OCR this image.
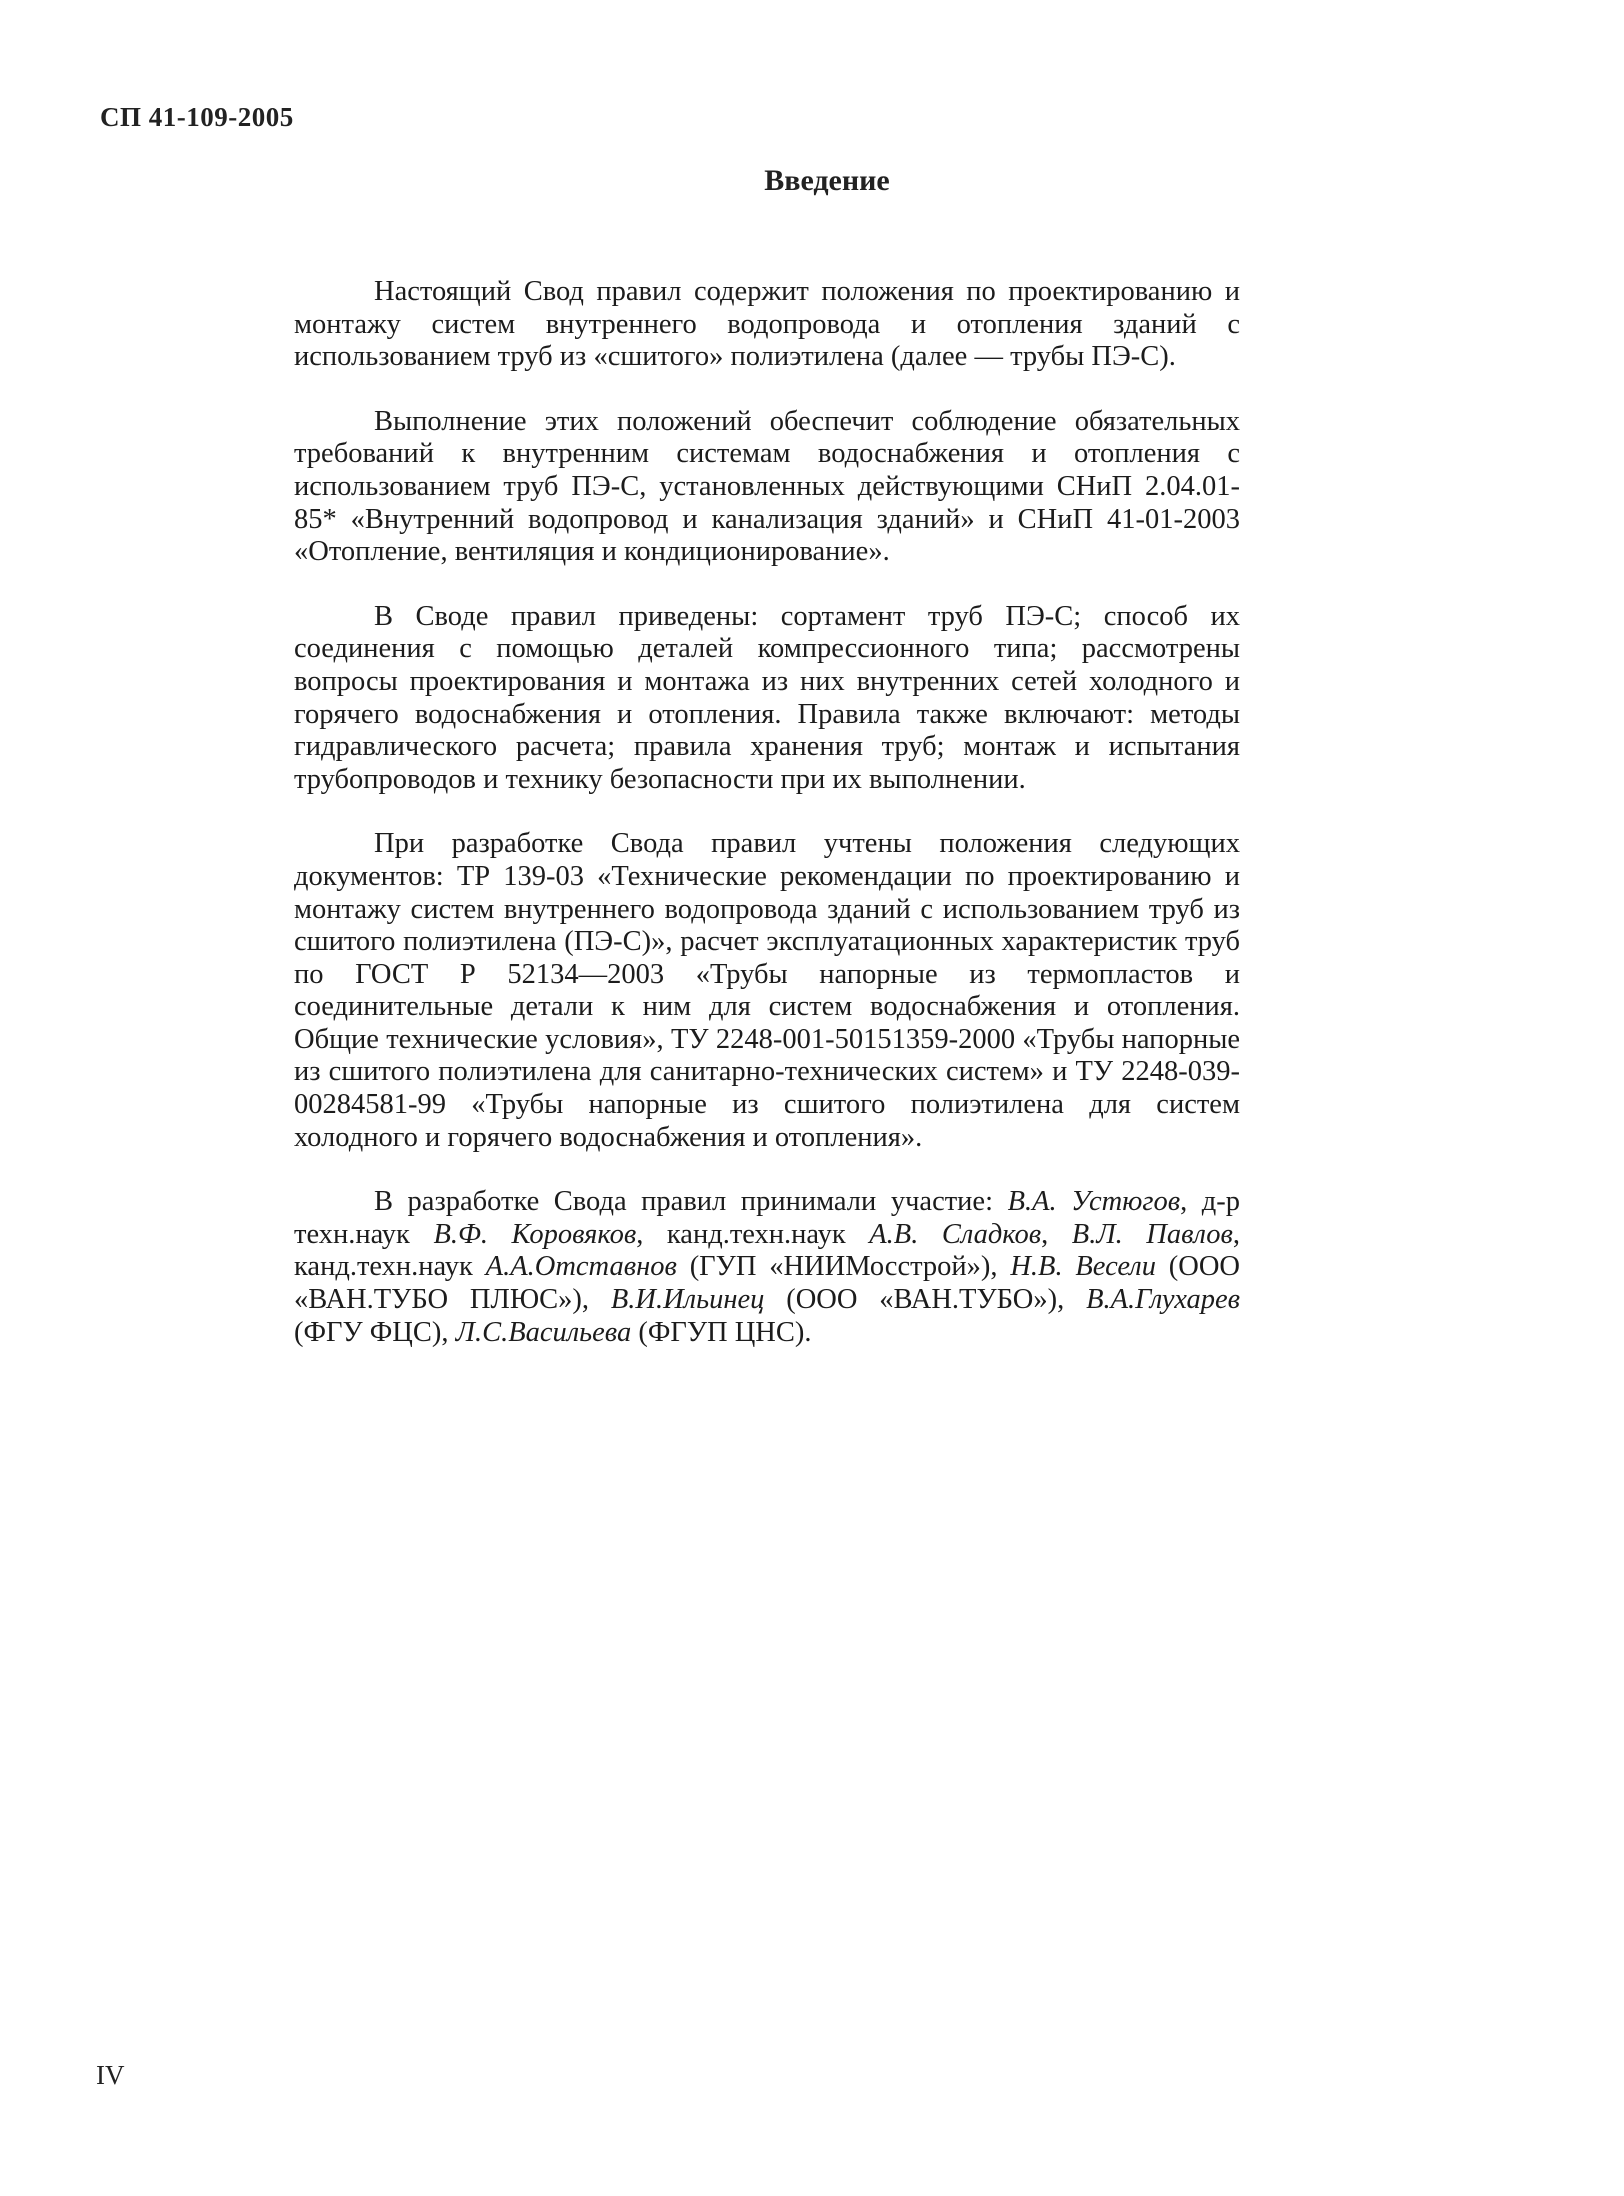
СП 41-109-2005
Введение

Настоящий Свод правил содержит положения по проектированию и монтажу систем внутреннего водопровода и отопления зданий с использованием труб из «сшитого» полиэтилена (далее — трубы ПЭ-С).

Выполнение этих положений обеспечит соблюдение обязательных требований к внутренним системам водоснабжения и отопления с использованием труб ПЭ-С, установленных действующими СНиП 2.04.01-85* «Внутренний водопровод и канализация зданий» и СНиП 41-01-2003 «Отопление, вентиляция и кондиционирование».

В Своде правил приведены: сортамент труб ПЭ-С; способ их соединения с помощью деталей компрессионного типа; рассмотрены вопросы проектирования и монтажа из них внутренних сетей холодного и горячего водоснабжения и отопления. Правила также включают: методы гидравлического расчета; правила хранения труб; монтаж и испытания трубопроводов и технику безопасности при их выполнении.

При разработке Свода правил учтены положения следующих документов: ТР 139-03 «Технические рекомендации по проектированию и монтажу систем внутреннего водопровода зданий с использованием труб из сшитого полиэтилена (ПЭ-С)», расчет эксплуатационных характеристик труб по ГОСТ Р 52134—2003 «Трубы напорные из термопластов и соединительные детали к ним для систем водоснабжения и отопления. Общие технические условия», ТУ 2248-001-50151359-2000 «Трубы напорные из сшитого полиэтилена для санитарно-технических систем» и ТУ 2248-039-00284581-99 «Трубы напорные из сшитого полиэтилена для систем холодного и горячего водоснабжения и отопления».

В разработке Свода правил принимали участие: В.А. Устюгов, д-р техн.наук В.Ф. Коровяков, канд.техн.наук А.В. Сладков, В.Л. Павлов, канд.техн.наук А.А.Отставнов (ГУП «НИИМосстрой»), Н.В. Весели (ООО «ВАН.ТУБО ПЛЮС»), В.И.Ильинец (ООО «ВАН.ТУБО»), В.А.Глухарев (ФГУ ФЦС), Л.С.Васильева (ФГУП ЦНС).

IV
